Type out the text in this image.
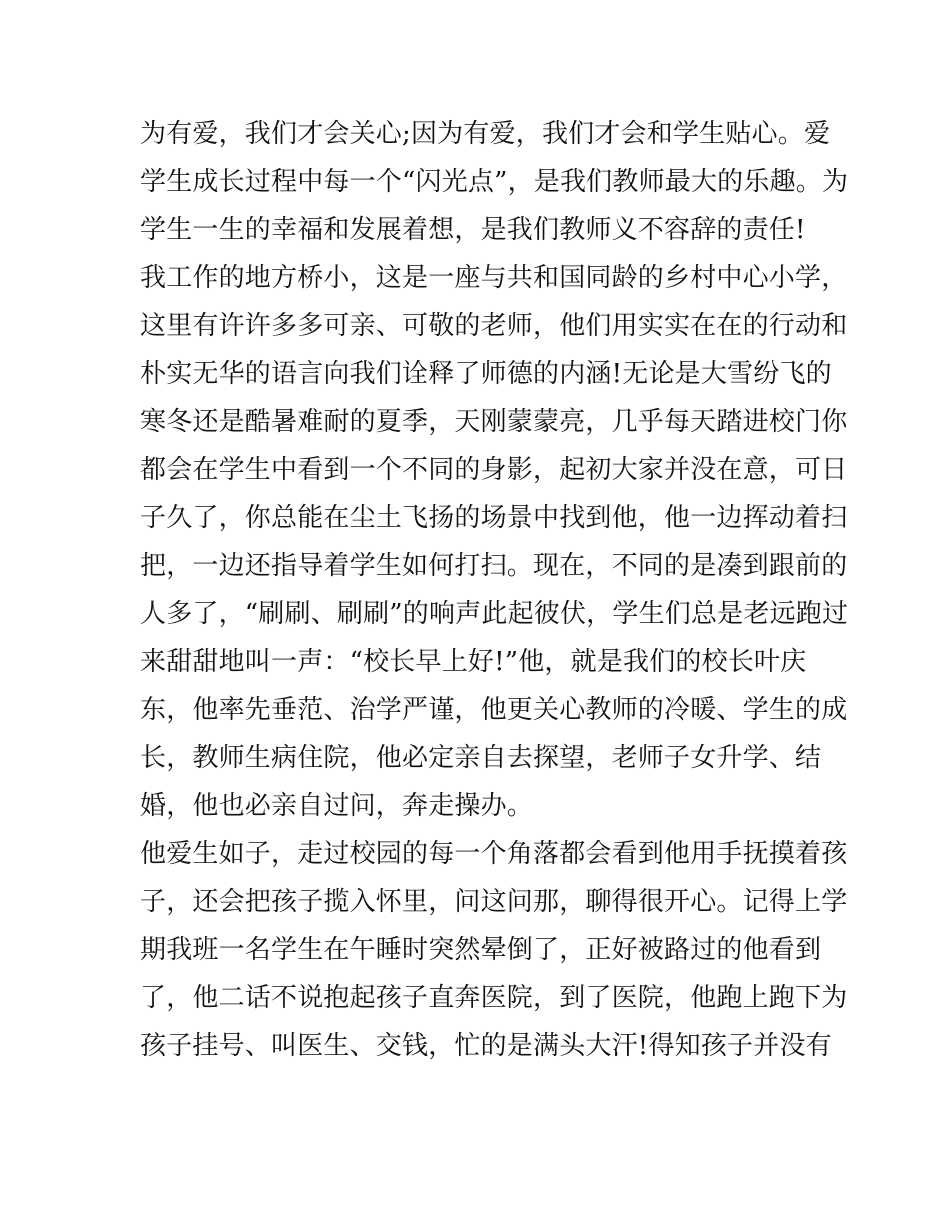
为有爱，我们才会关心;因为有爱，我们才会和学生贴心。爱
学生成长过程中每一个“闪光点”，是我们教师最大的乐趣。为
学生一生的幸福和发展着想，是我们教师义不容辞的责任!
我工作的地方桥小，这是一座与共和国同龄的乡村中心小学，
这里有许许多多可亲、可敬的老师，他们用实实在在的行动和
朴实无华的语言向我们诠释了师德的内涵!无论是大雪纷飞的
寒冬还是酷暑难耐的夏季，天刚蒙蒙亮，几乎每天踏进校门你
都会在学生中看到一个不同的身影，起初大家并没在意，可日
子久了，你总能在尘土飞扬的场景中找到他，他一边挥动着扫
把，一边还指导着学生如何打扫。现在，不同的是凑到跟前的
人多了，“刷刷、刷刷”的响声此起彼伏，学生们总是老远跑过
来甜甜地叫一声：“校长早上好!”他，就是我们的校长叶庆
东，他率先垂范、治学严谨，他更关心教师的冷暖、学生的成
长，教师生病住院，他必定亲自去探望，老师子女升学、结
婚，他也必亲自过问，奔走操办。
他爱生如子，走过校园的每一个角落都会看到他用手抚摸着孩
子，还会把孩子揽入怀里，问这问那，聊得很开心。记得上学
期我班一名学生在午睡时突然晕倒了，正好被路过的他看到
了，他二话不说抱起孩子直奔医院，到了医院，他跑上跑下为
孩子挂号、叫医生、交钱，忙的是满头大汗!得知孩子并没有
